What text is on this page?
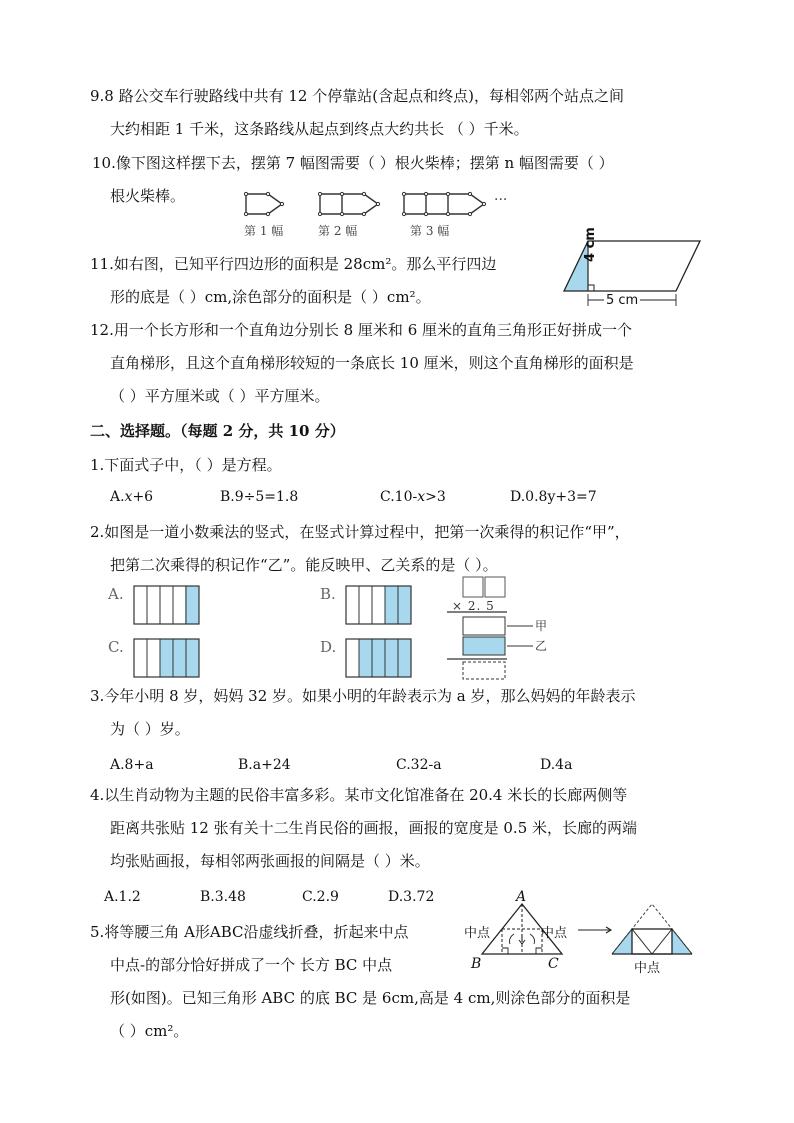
9.8 路公交车行驶路线中共有 12 个停靠站(含起点和终点)，每相邻两个站点之间
大约相距 1 千米，这条路线从起点到终点大约共长 （ ）千米。
10.像下图这样摆下去，摆第 7 幅图需要（ ）根火柴棒；摆第 n 幅图需要（ ）
根火柴棒。	···
第 1 幅	第 2 幅	第 3 幅
11.如右图，已知平行四边形的面积是 28cm²。那么平行四边
形的底是（ ）cm,涂色部分的面积是（ ）cm²。
4 cm
5 cm
12.用一个长方形和一个直角边分别长 8 厘米和 6 厘米的直角三角形正好拼成一个
直角梯形，且这个直角梯形较短的一条底长 10 厘米，则这个直角梯形的面积是
（ ）平方厘米或（ ）平方厘米。
二、选择题。（每题 2 分，共 10 分）
1.下面式子中，（ ）是方程。
A.𝑥+6	B.9÷5=1.8	C.10-𝑥>3	D.0.8y+3=7
2.如图是一道小数乘法的竖式，在竖式计算过程中，把第一次乘得的积记作“甲”，
把第二次乘得的积记作“乙”。能反映甲、乙关系的是（ ）。
A.	B.
C.	D.
× 2. 5
甲
乙
3.今年小明 8 岁，妈妈 32 岁。如果小明的年龄表示为 a 岁，那么妈妈的年龄表示
为（ ）岁。
A.8+a	B.a+24	C.32-a	D.4a
4.以生肖动物为主题的民俗丰富多彩。某市文化馆准备在 20.4 米长的长廊两侧等
距离共张贴 12 张有关十二生肖民俗的画报，画报的宽度是 0.5 米，长廊的两端
均张贴画报，每相邻两张画报的间隔是（ ）米。
A.1.2	B.3.48	C.2.9	D.3.72
5.将等腰三角 A形ABC沿虚线折叠，折起来中点
中点-的部分恰好拼成了一个 长方 BC 中点
形(如图)。已知三角形 ABC 的底 BC 是 6cm,高是 4 cm,则涂色部分的面积是
（ ）cm²。
A
B	C
中点	中点
中点
